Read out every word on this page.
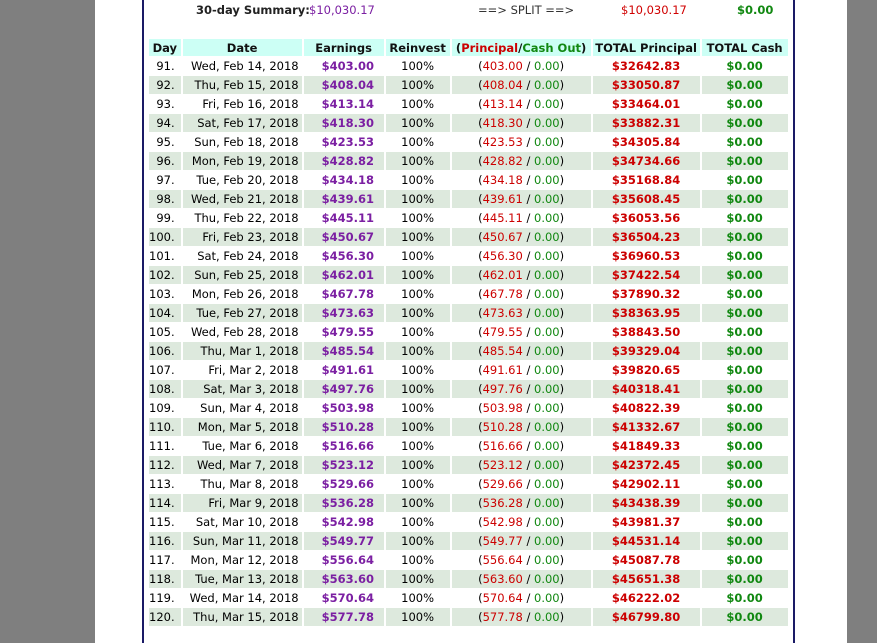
30-day Summary: $10,030.17	==> SPLIT ==>	$10,030.17	$0.00
Day	Date	Earnings	Reinvest	(Principal/Cash Out)	TOTAL Principal	TOTAL Cash
91.	Wed, Feb 14, 2018	$403.00	100%	(403.00 / 0.00)	$32642.83	$0.00
92.	Thu, Feb 15, 2018	$408.04	100%	(408.04 / 0.00)	$33050.87	$0.00
93.	Fri, Feb 16, 2018	$413.14	100%	(413.14 / 0.00)	$33464.01	$0.00
94.	Sat, Feb 17, 2018	$418.30	100%	(418.30 / 0.00)	$33882.31	$0.00
95.	Sun, Feb 18, 2018	$423.53	100%	(423.53 / 0.00)	$34305.84	$0.00
96.	Mon, Feb 19, 2018	$428.82	100%	(428.82 / 0.00)	$34734.66	$0.00
97.	Tue, Feb 20, 2018	$434.18	100%	(434.18 / 0.00)	$35168.84	$0.00
98.	Wed, Feb 21, 2018	$439.61	100%	(439.61 / 0.00)	$35608.45	$0.00
99.	Thu, Feb 22, 2018	$445.11	100%	(445.11 / 0.00)	$36053.56	$0.00
100.	Fri, Feb 23, 2018	$450.67	100%	(450.67 / 0.00)	$36504.23	$0.00
101.	Sat, Feb 24, 2018	$456.30	100%	(456.30 / 0.00)	$36960.53	$0.00
102.	Sun, Feb 25, 2018	$462.01	100%	(462.01 / 0.00)	$37422.54	$0.00
103.	Mon, Feb 26, 2018	$467.78	100%	(467.78 / 0.00)	$37890.32	$0.00
104.	Tue, Feb 27, 2018	$473.63	100%	(473.63 / 0.00)	$38363.95	$0.00
105.	Wed, Feb 28, 2018	$479.55	100%	(479.55 / 0.00)	$38843.50	$0.00
106.	Thu, Mar 1, 2018	$485.54	100%	(485.54 / 0.00)	$39329.04	$0.00
107.	Fri, Mar 2, 2018	$491.61	100%	(491.61 / 0.00)	$39820.65	$0.00
108.	Sat, Mar 3, 2018	$497.76	100%	(497.76 / 0.00)	$40318.41	$0.00
109.	Sun, Mar 4, 2018	$503.98	100%	(503.98 / 0.00)	$40822.39	$0.00
110.	Mon, Mar 5, 2018	$510.28	100%	(510.28 / 0.00)	$41332.67	$0.00
111.	Tue, Mar 6, 2018	$516.66	100%	(516.66 / 0.00)	$41849.33	$0.00
112.	Wed, Mar 7, 2018	$523.12	100%	(523.12 / 0.00)	$42372.45	$0.00
113.	Thu, Mar 8, 2018	$529.66	100%	(529.66 / 0.00)	$42902.11	$0.00
114.	Fri, Mar 9, 2018	$536.28	100%	(536.28 / 0.00)	$43438.39	$0.00
115.	Sat, Mar 10, 2018	$542.98	100%	(542.98 / 0.00)	$43981.37	$0.00
116.	Sun, Mar 11, 2018	$549.77	100%	(549.77 / 0.00)	$44531.14	$0.00
117.	Mon, Mar 12, 2018	$556.64	100%	(556.64 / 0.00)	$45087.78	$0.00
118.	Tue, Mar 13, 2018	$563.60	100%	(563.60 / 0.00)	$45651.38	$0.00
119.	Wed, Mar 14, 2018	$570.64	100%	(570.64 / 0.00)	$46222.02	$0.00
120.	Thu, Mar 15, 2018	$577.78	100%	(577.78 / 0.00)	$46799.80	$0.00
